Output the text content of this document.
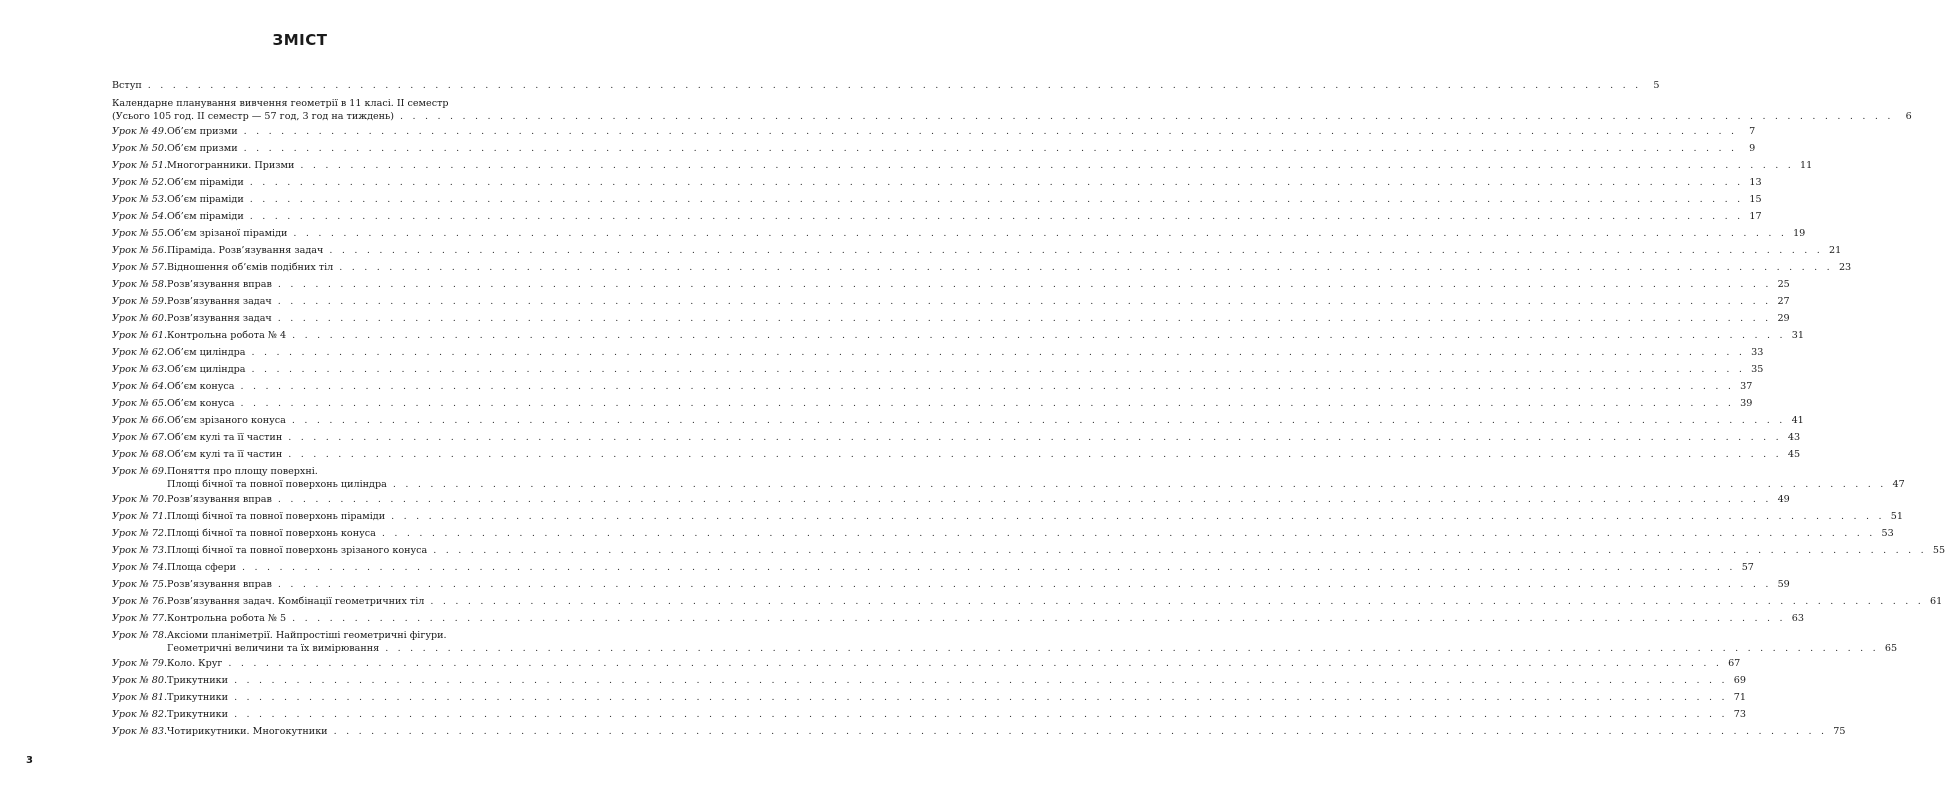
ЗМІСТ
Вступ . . . . . . . . . . . . . . . . . . . . . . . . . . . . . . . . . . . . . . . . . . . . . . . . . . . . . . . . . . . . . . . . . . . . . . . . . . . . . . . . . . . . . . . . . . . . . . . . . . . . . . . . . . . . . . . . . . . . . . . .	5
Календарне планування вивчення геометрії в 11 класі. ІІ семестр
(Усього 105 год. ІІ семестр — 57 год, 3 год на тиждень) . . . . . . . . . . . . . . . . . . . . . . . . . . . . . . . . . . . . . . . . . . . . . . . . . . . . . . . . . . . . . . . . . . . . . . . . . . . . . . . . . . . . . . . . . . . . . . . . . . . . . . . . . . . . . . . . . . . . . . . .	6
Урок № 49. Об’єм призми . . . . . . . . . . . . . . . . . . . . . . . . . . . . . . . . . . . . . . . . . . . . . . . . . . . . . . . . . . . . . . . . . . . . . . . . . . . . . . . . . . . . . . . . . . . . . . . . . . . . . . . . . . . . . . . . . . . . . . . .	7
Урок № 50. Об’єм призми . . . . . . . . . . . . . . . . . . . . . . . . . . . . . . . . . . . . . . . . . . . . . . . . . . . . . . . . . . . . . . . . . . . . . . . . . . . . . . . . . . . . . . . . . . . . . . . . . . . . . . . . . . . . . . . . . . . . . . . .	9
Урок № 51. Многогранники. Призми . . . . . . . . . . . . . . . . . . . . . . . . . . . . . . . . . . . . . . . . . . . . . . . . . . . . . . . . . . . . . . . . . . . . . . . . . . . . . . . . . . . . . . . . . . . . . . . . . . . . . . . . . . . . . . . . . . . . . . . . 11
Урок № 52. Об’єм піраміди . . . . . . . . . . . . . . . . . . . . . . . . . . . . . . . . . . . . . . . . . . . . . . . . . . . . . . . . . . . . . . . . . . . . . . . . . . . . . . . . . . . . . . . . . . . . . . . . . . . . . . . . . . . . . . . . . . . . . . . . 13
Урок № 53. Об’єм піраміди . . . . . . . . . . . . . . . . . . . . . . . . . . . . . . . . . . . . . . . . . . . . . . . . . . . . . . . . . . . . . . . . . . . . . . . . . . . . . . . . . . . . . . . . . . . . . . . . . . . . . . . . . . . . . . . . . . . . . . . . 15
Урок № 54. Об’єм піраміди . . . . . . . . . . . . . . . . . . . . . . . . . . . . . . . . . . . . . . . . . . . . . . . . . . . . . . . . . . . . . . . . . . . . . . . . . . . . . . . . . . . . . . . . . . . . . . . . . . . . . . . . . . . . . . . . . . . . . . . . 17
Урок № 55. Об’єм зрізаної піраміди . . . . . . . . . . . . . . . . . . . . . . . . . . . . . . . . . . . . . . . . . . . . . . . . . . . . . . . . . . . . . . . . . . . . . . . . . . . . . . . . . . . . . . . . . . . . . . . . . . . . . . . . . . . . . . . . . . . . . . . . 19
Урок № 56. Піраміда. Розв’язування задач . . . . . . . . . . . . . . . . . . . . . . . . . . . . . . . . . . . . . . . . . . . . . . . . . . . . . . . . . . . . . . . . . . . . . . . . . . . . . . . . . . . . . . . . . . . . . . . . . . . . . . . . . . . . . . . . . . . . . . . . 21
Урок № 57. Відношення об’ємів подібних тіл . . . . . . . . . . . . . . . . . . . . . . . . . . . . . . . . . . . . . . . . . . . . . . . . . . . . . . . . . . . . . . . . . . . . . . . . . . . . . . . . . . . . . . . . . . . . . . . . . . . . . . . . . . . . . . . . . . . . . . . . 23
Урок № 58. Розв’язування вправ . . . . . . . . . . . . . . . . . . . . . . . . . . . . . . . . . . . . . . . . . . . . . . . . . . . . . . . . . . . . . . . . . . . . . . . . . . . . . . . . . . . . . . . . . . . . . . . . . . . . . . . . . . . . . . . . . . . . . . . . 25
Урок № 59. Розв’язування задач . . . . . . . . . . . . . . . . . . . . . . . . . . . . . . . . . . . . . . . . . . . . . . . . . . . . . . . . . . . . . . . . . . . . . . . . . . . . . . . . . . . . . . . . . . . . . . . . . . . . . . . . . . . . . . . . . . . . . . . . 27
Урок № 60. Розв’язування задач . . . . . . . . . . . . . . . . . . . . . . . . . . . . . . . . . . . . . . . . . . . . . . . . . . . . . . . . . . . . . . . . . . . . . . . . . . . . . . . . . . . . . . . . . . . . . . . . . . . . . . . . . . . . . . . . . . . . . . . . 29
Урок № 61. Контрольна робота № 4 . . . . . . . . . . . . . . . . . . . . . . . . . . . . . . . . . . . . . . . . . . . . . . . . . . . . . . . . . . . . . . . . . . . . . . . . . . . . . . . . . . . . . . . . . . . . . . . . . . . . . . . . . . . . . . . . . . . . . . . . 31
Урок № 62. Об’єм циліндра . . . . . . . . . . . . . . . . . . . . . . . . . . . . . . . . . . . . . . . . . . . . . . . . . . . . . . . . . . . . . . . . . . . . . . . . . . . . . . . . . . . . . . . . . . . . . . . . . . . . . . . . . . . . . . . . . . . . . . . . 33
Урок № 63. Об’єм циліндра . . . . . . . . . . . . . . . . . . . . . . . . . . . . . . . . . . . . . . . . . . . . . . . . . . . . . . . . . . . . . . . . . . . . . . . . . . . . . . . . . . . . . . . . . . . . . . . . . . . . . . . . . . . . . . . . . . . . . . . . 35
Урок № 64. Об’єм конуса . . . . . . . . . . . . . . . . . . . . . . . . . . . . . . . . . . . . . . . . . . . . . . . . . . . . . . . . . . . . . . . . . . . . . . . . . . . . . . . . . . . . . . . . . . . . . . . . . . . . . . . . . . . . . . . . . . . . . . . . 37
Урок № 65. Об’єм конуса . . . . . . . . . . . . . . . . . . . . . . . . . . . . . . . . . . . . . . . . . . . . . . . . . . . . . . . . . . . . . . . . . . . . . . . . . . . . . . . . . . . . . . . . . . . . . . . . . . . . . . . . . . . . . . . . . . . . . . . . 39
Урок № 66. Об’єм зрізаного конуса . . . . . . . . . . . . . . . . . . . . . . . . . . . . . . . . . . . . . . . . . . . . . . . . . . . . . . . . . . . . . . . . . . . . . . . . . . . . . . . . . . . . . . . . . . . . . . . . . . . . . . . . . . . . . . . . . . . . . . . . 41
Урок № 67. Об’єм кулі та її частин . . . . . . . . . . . . . . . . . . . . . . . . . . . . . . . . . . . . . . . . . . . . . . . . . . . . . . . . . . . . . . . . . . . . . . . . . . . . . . . . . . . . . . . . . . . . . . . . . . . . . . . . . . . . . . . . . . . . . . . . 43
Урок № 68. Об’єм кулі та її частин . . . . . . . . . . . . . . . . . . . . . . . . . . . . . . . . . . . . . . . . . . . . . . . . . . . . . . . . . . . . . . . . . . . . . . . . . . . . . . . . . . . . . . . . . . . . . . . . . . . . . . . . . . . . . . . . . . . . . . . . 45
Урок № 69. Поняття про площу поверхні.
Площі бічної та повної поверхонь циліндра . . . . . . . . . . . . . . . . . . . . . . . . . . . . . . . . . . . . . . . . . . . . . . . . . . . . . . . . . . . . . . . . . . . . . . . . . . . . . . . . . . . . . . . . . . . . . . . . . . . . . . . . . . . . . . . . . . . . . . . . 47
Урок № 70. Розв’язування вправ . . . . . . . . . . . . . . . . . . . . . . . . . . . . . . . . . . . . . . . . . . . . . . . . . . . . . . . . . . . . . . . . . . . . . . . . . . . . . . . . . . . . . . . . . . . . . . . . . . . . . . . . . . . . . . . . . . . . . . . . 49
Урок № 71. Площі бічної та повної поверхонь піраміди . . . . . . . . . . . . . . . . . . . . . . . . . . . . . . . . . . . . . . . . . . . . . . . . . . . . . . . . . . . . . . . . . . . . . . . . . . . . . . . . . . . . . . . . . . . . . . . . . . . . . . . . . . . . . . . . . . . . . . . . 51
Урок № 72. Площі бічної та повної поверхонь конуса . . . . . . . . . . . . . . . . . . . . . . . . . . . . . . . . . . . . . . . . . . . . . . . . . . . . . . . . . . . . . . . . . . . . . . . . . . . . . . . . . . . . . . . . . . . . . . . . . . . . . . . . . . . . . . . . . . . . . . . . 53
Урок № 73. Площі бічної та повної поверхонь зрізаного конуса . . . . . . . . . . . . . . . . . . . . . . . . . . . . . . . . . . . . . . . . . . . . . . . . . . . . . . . . . . . . . . . . . . . . . . . . . . . . . . . . . . . . . . . . . . . . . . . . . . . . . . . . . . . . . . . . . . . . . . . . 55
Урок № 74. Площа сфери . . . . . . . . . . . . . . . . . . . . . . . . . . . . . . . . . . . . . . . . . . . . . . . . . . . . . . . . . . . . . . . . . . . . . . . . . . . . . . . . . . . . . . . . . . . . . . . . . . . . . . . . . . . . . . . . . . . . . . . . 57
Урок № 75. Розв’язування вправ . . . . . . . . . . . . . . . . . . . . . . . . . . . . . . . . . . . . . . . . . . . . . . . . . . . . . . . . . . . . . . . . . . . . . . . . . . . . . . . . . . . . . . . . . . . . . . . . . . . . . . . . . . . . . . . . . . . . . . . . 59
Урок № 76. Розв’язування задач. Комбінації геометричних тіл . . . . . . . . . . . . . . . . . . . . . . . . . . . . . . . . . . . . . . . . . . . . . . . . . . . . . . . . . . . . . . . . . . . . . . . . . . . . . . . . . . . . . . . . . . . . . . . . . . . . . . . . . . . . . . . . . . . . . . . . 61
Урок № 77. Контрольна робота № 5 . . . . . . . . . . . . . . . . . . . . . . . . . . . . . . . . . . . . . . . . . . . . . . . . . . . . . . . . . . . . . . . . . . . . . . . . . . . . . . . . . . . . . . . . . . . . . . . . . . . . . . . . . . . . . . . . . . . . . . . . 63
Урок № 78. Аксіоми планіметрії. Найпростіші геометричні фігури.
Геометричні величини та їх вимірювання . . . . . . . . . . . . . . . . . . . . . . . . . . . . . . . . . . . . . . . . . . . . . . . . . . . . . . . . . . . . . . . . . . . . . . . . . . . . . . . . . . . . . . . . . . . . . . . . . . . . . . . . . . . . . . . . . . . . . . . . 65
Урок № 79. Коло. Круг . . . . . . . . . . . . . . . . . . . . . . . . . . . . . . . . . . . . . . . . . . . . . . . . . . . . . . . . . . . . . . . . . . . . . . . . . . . . . . . . . . . . . . . . . . . . . . . . . . . . . . . . . . . . . . . . . . . . . . . . 67
Урок № 80. Трикутники . . . . . . . . . . . . . . . . . . . . . . . . . . . . . . . . . . . . . . . . . . . . . . . . . . . . . . . . . . . . . . . . . . . . . . . . . . . . . . . . . . . . . . . . . . . . . . . . . . . . . . . . . . . . . . . . . . . . . . . . 69
Урок № 81. Трикутники . . . . . . . . . . . . . . . . . . . . . . . . . . . . . . . . . . . . . . . . . . . . . . . . . . . . . . . . . . . . . . . . . . . . . . . . . . . . . . . . . . . . . . . . . . . . . . . . . . . . . . . . . . . . . . . . . . . . . . . . 71
Урок № 82. Трикутники . . . . . . . . . . . . . . . . . . . . . . . . . . . . . . . . . . . . . . . . . . . . . . . . . . . . . . . . . . . . . . . . . . . . . . . . . . . . . . . . . . . . . . . . . . . . . . . . . . . . . . . . . . . . . . . . . . . . . . . . 73
Урок № 83. Чотирикутники. Многокутники . . . . . . . . . . . . . . . . . . . . . . . . . . . . . . . . . . . . . . . . . . . . . . . . . . . . . . . . . . . . . . . . . . . . . . . . . . . . . . . . . . . . . . . . . . . . . . . . . . . . . . . . . . . . . . . . . . . . . . . . 75
3
